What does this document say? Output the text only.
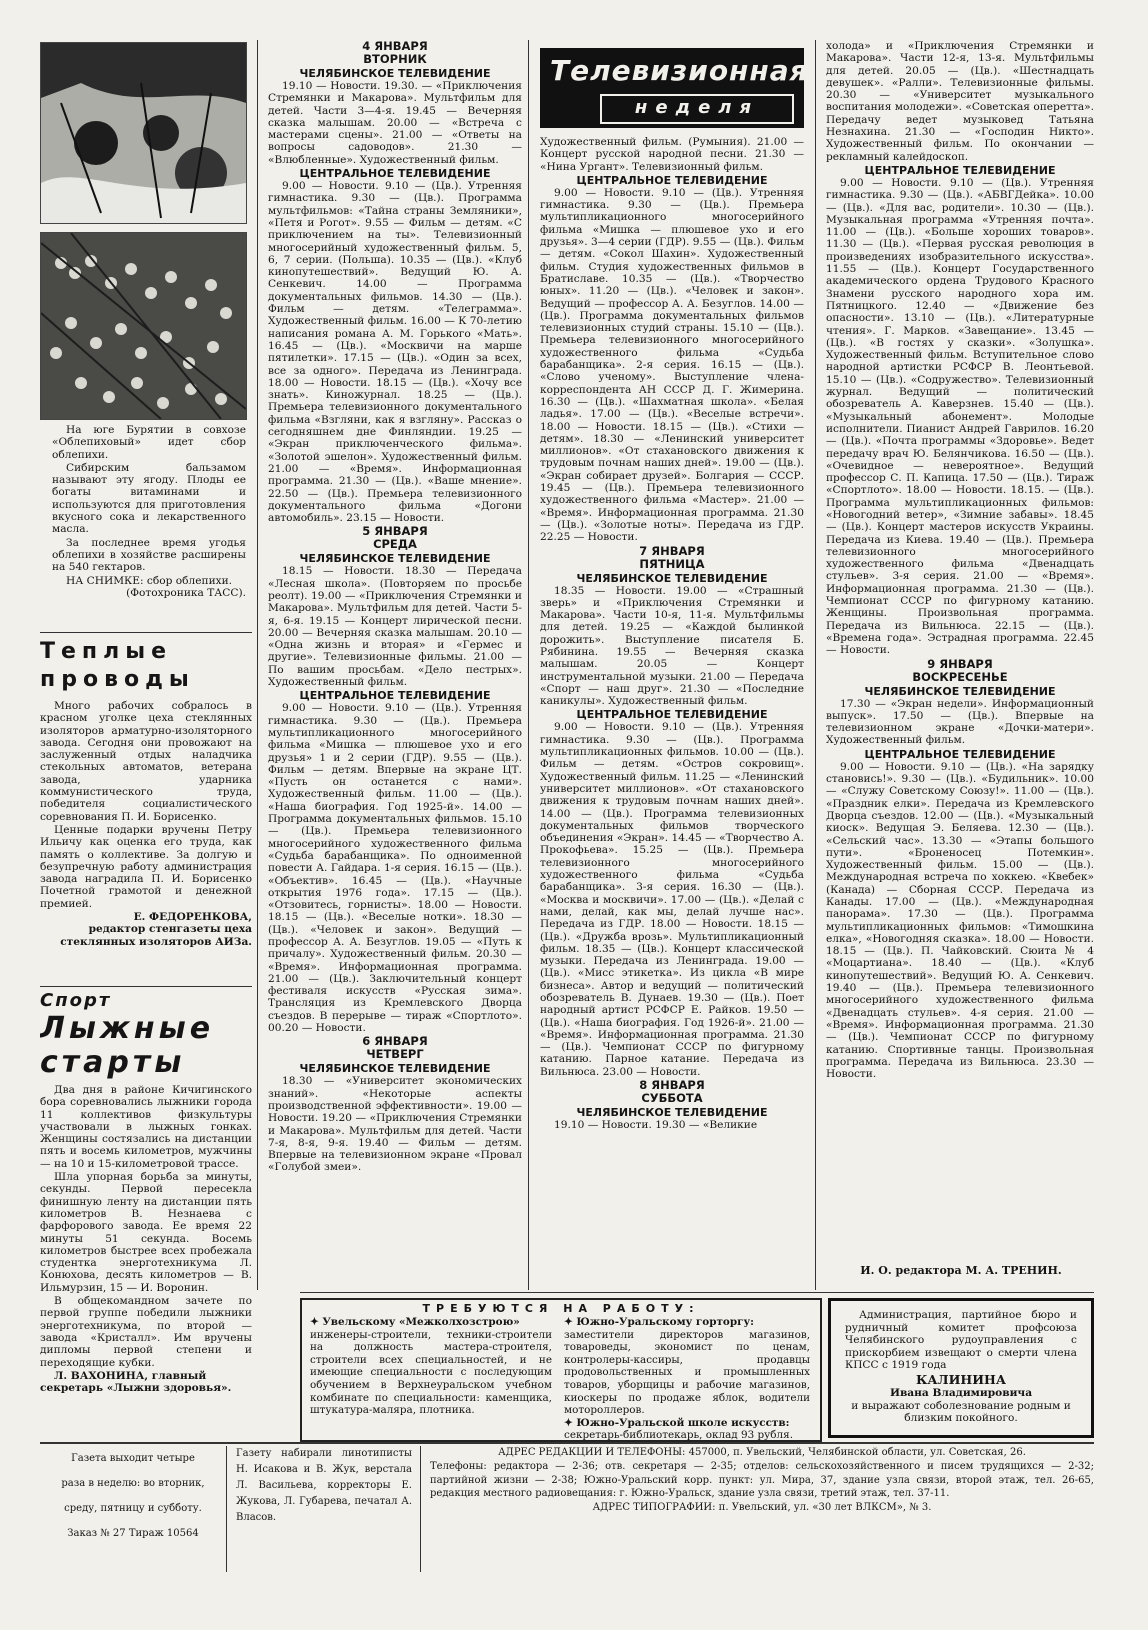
На юге Бурятии в совхозе «Облепиховый» идет сбор облепихи.

Сибирским бальзамом называют эту ягоду. Плоды ее богаты витаминами и используются для приготовления вкусного сока и лекарственного масла.

За последнее время угодья облепихи в хозяйстве расширены на 540 гектаров.

НА СНИМКЕ: сбор облепихи.
(Фотохроника ТАСС).
Теплые
проводы

Много рабочих собралось в красном уголке цеха стеклянных изоляторов арматурно-изоляторного завода. Сегодня они провожают на заслуженный отдых наладчика стекольных автоматов, ветерана завода, ударника коммунистического труда, победителя социалистического соревнования П. И. Борисенко.

Ценные подарки вручены Петру Ильичу как оценка его труда, как память о коллективе. За долгую и безупречную работу администрация завода наградила П. И. Борисенко Почетной грамотой и денежной премией.

Е. ФЕДОРЕНКОВА,
редактор стенгазеты цеха стеклянных изоляторов АИЗа.
Спорт
Лыжные
старты

Два дня в районе Кичигинского бора соревновались лыжники города 11 коллективов физкультуры участвовали в лыжных гонках. Женщины состязались на дистанции пять и восемь километров, мужчины — на 10 и 15-километровой трассе.

Шла упорная борьба за минуты, секунды. Первой пересекла финишную ленту на дистанции пять километров В. Незнаева с фарфорового завода. Ее время 22 минуты 51 секунда. Восемь километров быстрее всех пробежала студентка энерготехникума Л. Конюхова, десять километров — В. Ильмурзин, 15 — И. Воронин.

В общекомандном зачете по первой группе победили лыжники энерготехникума, по второй — завода «Кристалл». Им вручены дипломы первой степени и переходящие кубки.

Л. ВАХОНИНА, главный секретарь «Лыжни здоровья».
4 ЯНВАРЯ
ВТОРНИК
ЧЕЛЯБИНСКОЕ ТЕЛЕВИДЕНИЕ

19.10 — Новости. 19.30. — «Приключения Стремянки и Макарова». Мультфильм для детей. Части 3—4-я. 19.45 — Вечерняя сказка малышам. 20.00 — «Встреча с мастерами сцены». 21.00 — «Ответы на вопросы садоводов». 21.30 — «Влюбленные». Художественный фильм.

ЦЕНТРАЛЬНОЕ ТЕЛЕВИДЕНИЕ

9.00 — Новости. 9.10 — (Цв.). Утренняя гимнастика. 9.30 — (Цв.). Программа мультфильмов: «Тайна страны Земляники», «Петя и Рогот». 9.55 — Фильм — детям. «С приключением на ты». Телевизионный многосерийный художественный фильм. 5, 6, 7 серии. (Польша). 10.35 — (Цв.). «Клуб кинопутешествий». Ведущий Ю. А. Сенкевич. 14.00 — Программа документальных фильмов. 14.30 — (Цв.). Фильм — детям. «Телеграмма». Художественный фильм. 16.00 — К 70-летию написания романа А. М. Горького «Мать». 16.45 — (Цв.). «Москвичи на марше пятилетки». 17.15 — (Цв.). «Один за всех, все за одного». Передача из Ленинграда. 18.00 — Новости. 18.15 — (Цв.). «Хочу все знать». Киножурнал. 18.25 — (Цв.). Премьера телевизионного документального фильма «Взгляни, как я взгляну». Рассказ о сегодняшнем дне Финляндии. 19.25 — «Экран приключенческого фильма». «Золотой эшелон». Художественный фильм. 21.00 — «Время». Информационная программа. 21.30 — (Цв.). «Ваше мнение». 22.50 — (Цв.). Премьера телевизионного документального фильма «Догони автомобиль». 23.15 — Новости.

5 ЯНВАРЯ
СРЕДА
ЧЕЛЯБИНСКОЕ ТЕЛЕВИДЕНИЕ

18.15 — Новости. 18.30 — Передача «Лесная школа». (Повторяем по просьбе реолт). 19.00 — «Приключения Стремянки и Макарова». Мультфильм для детей. Части 5-я, 6-я. 19.15 — Концерт лирической песни. 20.00 — Вечерняя сказка малышам. 20.10 — «Одна жизнь и вторая» и «Гермес и другие». Телевизионные фильмы. 21.00 — По вашим просьбам. «Дело пестрых». Художественный фильм.

ЦЕНТРАЛЬНОЕ ТЕЛЕВИДЕНИЕ

9.00 — Новости. 9.10 — (Цв.). Утренняя гимнастика. 9.30 — (Цв.). Премьера мультипликационного многосерийного фильма «Мишка — плюшевое ухо и его друзья» 1 и 2 серии (ГДР). 9.55 — (Цв.). Фильм — детям. Впервые на экране ЦТ. «Пусть он останется с нами». Художественный фильм. 11.00 — (Цв.). «Наша биография. Год 1925-й». 14.00 — Программа документальных фильмов. 15.10 — (Цв.). Премьера телевизионного многосерийного художественного фильма «Судьба барабанщика». По одноименной повести А. Гайдара. 1-я серия. 16.15 — (Цв.). «Объектив». 16.45 — (Цв.). «Научные открытия 1976 года». 17.15 — (Цв.). «Отзовитесь, горнисты». 18.00 — Новости. 18.15 — (Цв.). «Веселые нотки». 18.30 — (Цв.). «Человек и закон». Ведущий — профессор А. А. Безуглов. 19.05 — «Путь к причалу». Художественный фильм. 20.30 — «Время». Информационная программа. 21.00 — (Цв.). Заключительный концерт фестиваля искусств «Русская зима». Трансляция из Кремлевского Дворца съездов. В перерыве — тираж «Спортлото». 00.20 — Новости.

6 ЯНВАРЯ
ЧЕТВЕРГ
ЧЕЛЯБИНСКОЕ ТЕЛЕВИДЕНИЕ

18.30 — «Университет экономических знаний». «Некоторые аспекты производственной эффективности». 19.00 — Новости. 19.20 — «Приключения Стремянки и Макарова». Мультфильм для детей. Части 7-я, 8-я, 9-я. 19.40 — Фильм — детям. Впервые на телевизионном экране «Провал «Голубой змеи».

Телевизионная
неделя

Художественный фильм. (Румыния). 21.00 — Концерт русской народной песни. 21.30 — «Нина Ургант». Телевизионный фильм.

ЦЕНТРАЛЬНОЕ ТЕЛЕВИДЕНИЕ

9.00 — Новости. 9.10 — (Цв.). Утренняя гимнастика. 9.30 — (Цв.). Премьера мультипликационного многосерийного фильма «Мишка — плюшевое ухо и его друзья». 3—4 серии (ГДР). 9.55 — (Цв.). Фильм — детям. «Сокол Шахин». Художественный фильм. Студия художественных фильмов в Братиславе. 10.35 — (Цв.). «Творчество юных». 11.20 — (Цв.). «Человек и закон». Ведущий — профессор А. А. Безуглов. 14.00 — (Цв.). Программа документальных фильмов телевизионных студий страны. 15.10 — (Цв.). Премьера телевизионного многосерийного художественного фильма «Судьба барабанщика». 2-я серия. 16.15 — (Цв.). «Слово ученому». Выступление члена-корреспондента АН СССР Д. Г. Жимерина. 16.30 — (Цв.). «Шахматная школа». «Белая ладья». 17.00 — (Цв.). «Веселые встречи». 18.00 — Новости. 18.15 — (Цв.). «Стихи — детям». 18.30 — «Ленинский университет миллионов». «От стахановского движения к трудовым почнам наших дней». 19.00 — (Цв.). «Экран собирает друзей». Болгария — СССР. 19.45 — (Цв.). Премьера телевизионного художественного фильма «Мастер». 21.00 — «Время». Информационная программа. 21.30 — (Цв.). «Золотые ноты». Передача из ГДР. 22.25 — Новости.

7 ЯНВАРЯ
ПЯТНИЦА
ЧЕЛЯБИНСКОЕ ТЕЛЕВИДЕНИЕ

18.35 — Новости. 19.00 — «Страшный зверь» и «Приключения Стремянки и Макарова». Части 10-я, 11-я. Мультфильмы для детей. 19.25 — «Каждой былинкой дорожить». Выступление писателя Б. Рябинина. 19.55 — Вечерняя сказка малышам. 20.05 — Концерт инструментальной музыки. 21.00 — Передача «Спорт — наш друг». 21.30 — «Последние каникулы». Художественный фильм.

ЦЕНТРАЛЬНОЕ ТЕЛЕВИДЕНИЕ

9.00 — Новости. 9.10 — (Цв.). Утренняя гимнастика. 9.30 — (Цв.). Программа мультипликационных фильмов. 10.00 — (Цв.). Фильм — детям. «Остров сокровищ». Художественный фильм. 11.25 — «Ленинский университет миллионов». «От стахановского движения к трудовым почнам наших дней». 14.00 — (Цв.). Программа телевизионных документальных фильмов творческого объединения «Экран». 14.45 — «Творчество А. Прокофьева». 15.25 — (Цв.). Премьера телевизионного многосерийного художественного фильма «Судьба барабанщика». 3-я серия. 16.30 — (Цв.). «Москва и москвичи». 17.00 — (Цв.). «Делай с нами, делай, как мы, делай лучше нас». Передача из ГДР. 18.00 — Новости. 18.15 — (Цв.). «Дружба врозь». Мультипликационный фильм. 18.35 — (Цв.). Концерт классической музыки. Передача из Ленинграда. 19.00 — (Цв.). «Мисс этикетка». Из цикла «В мире бизнеса». Автор и ведущий — политический обозреватель В. Дунаев. 19.30 — (Цв.). Поет народный артист РСФСР Е. Райков. 19.50 — (Цв.). «Наша биография. Год 1926-й». 21.00 — «Время». Информационная программа. 21.30 — (Цв.). Чемпионат СССР по фигурному катанию. Парное катание. Передача из Вильнюса. 23.00 — Новости.

8 ЯНВАРЯ
СУББОТА
ЧЕЛЯБИНСКОЕ ТЕЛЕВИДЕНИЕ

19.10 — Новости. 19.30 — «Великие

холода» и «Приключения Стремянки и Макарова». Части 12-я, 13-я. Мультфильмы для детей. 20.05 — (Цв.). «Шестнадцать девушек». «Ралли». Телевизионные фильмы. 20.30 — «Университет музыкального воспитания молодежи». «Советская оперетта». Передачу ведет музыковед Татьяна Незнахина. 21.30 — «Господин Никто». Художественный фильм. По окончании — рекламный калейдоскоп.

ЦЕНТРАЛЬНОЕ ТЕЛЕВИДЕНИЕ

9.00 — Новости. 9.10 — (Цв.). Утренняя гимнастика. 9.30 — (Цв.). «АБВГДейка». 10.00 — (Цв.). «Для вас, родители». 10.30 — (Цв.). Музыкальная программа «Утренняя почта». 11.00 — (Цв.). «Больше хороших товаров». 11.30 — (Цв.). «Первая русская революция в произведениях изобразительного искусства». 11.55 — (Цв.). Концерт Государственного академического ордена Трудового Красного Знамени русского народного хора им. Пятницкого. 12.40 — «Движение без опасности». 13.10 — (Цв.). «Литературные чтения». Г. Марков. «Завещание». 13.45 — (Цв.). «В гостях у сказки». «Золушка». Художественный фильм. Вступительное слово народной артистки РСФСР В. Леонтьевой. 15.10 — (Цв.). «Содружество». Телевизионный журнал. Ведущий — политический обозреватель А. Каверзнев. 15.40 — (Цв.). «Музыкальный абонемент». Молодые исполнители. Пианист Андрей Гаврилов. 16.20 — (Цв.). «Почта программы «Здоровье». Ведет передачу врач Ю. Белянчикова. 16.50 — (Цв.). «Очевидное — невероятное». Ведущий профессор С. П. Капица. 17.50 — (Цв.). Тираж «Спортлото». 18.00 — Новости. 18.15. — (Цв.). Программа мультипликационных фильмов: «Новогодний ветер», «Зимние забавы». 18.45 — (Цв.). Концерт мастеров искусств Украины. Передача из Киева. 19.40 — (Цв.). Премьера телевизионного многосерийного художественного фильма «Двенадцать стульев». 3-я серия. 21.00 — «Время». Информационная программа. 21.30 — (Цв.). Чемпионат СССР по фигурному катанию. Женщины. Произвольная программа. Передача из Вильнюса. 22.15 — (Цв.). «Времена года». Эстрадная программа. 22.45 — Новости.

9 ЯНВАРЯ
ВОСКРЕСЕНЬЕ
ЧЕЛЯБИНСКОЕ ТЕЛЕВИДЕНИЕ

17.30 — «Экран недели». Информационный выпуск». 17.50 — (Цв.). Впервые на телевизионном экране «Дочки-матери». Художественный фильм.

ЦЕНТРАЛЬНОЕ ТЕЛЕВИДЕНИЕ

9.00 — Новости. 9.10 — (Цв.). «На зарядку становись!». 9.30 — (Цв.). «Будильник». 10.00 — «Служу Советскому Союзу!». 11.00 — (Цв.). «Праздник елки». Передача из Кремлевского Дворца съездов. 12.00 — (Цв.). «Музыкальный киоск». Ведущая Э. Беляева. 12.30 — (Цв.). «Сельский час». 13.30 — «Этапы большого пути». «Броненосец Потемкин». Художественный фильм. 15.00 — (Цв.). Международная встреча по хоккею. «Квебек» (Канада) — Сборная СССР. Передача из Канады. 17.00 — (Цв.). «Международная панорама». 17.30 — (Цв.). Программа мультипликационных фильмов: «Тимошкина елка», «Новогодняя сказка». 18.00 — Новости. 18.15 — (Цв.). П. Чайковский. Сюита № 4 «Моцартиана». 18.40 — (Цв.). «Клуб кинопутешествий». Ведущий Ю. А. Сенкевич. 19.40 — (Цв.). Премьера телевизионного многосерийного художественного фильма «Двенадцать стульев». 4-я серия. 21.00 — «Время». Информационная программа. 21.30 — (Цв.). Чемпионат СССР по фигурному катанию. Спортивные танцы. Произвольная программа. Передача из Вильнюса. 23.30 — Новости.

И. О. редактора М. А. ТРЕНИН.
ТРЕБУЮТСЯ НА РАБОТУ:
✦ Увельскому «Межколхозстрою»
инженеры-строители, техники-строители на должность мастера-строителя, строители всех специальностей, и не имеющие специальности с последующим обучением в Верхнеуральском учебном комбинате по специальности: каменщика, штукатура-маляра, плотника.
✦ Южно-Уральскому горторгу:
заместители директоров магазинов, товароведы, экономист по ценам, контролеры-кассиры, продавцы продовольственных и промышленных товаров, уборщицы и рабочие магазинов, киоскеры по продаже яблок, водители мотороллеров.
✦ Южно-Уральской школе искусств:
секретарь-библиотекарь, оклад 93 рубля.
Администрация, партийное бюро и рудничный комитет профсоюза Челябинского рудоуправления с прискорбием извещают о смерти члена КПСС с 1919 года
КАЛИНИНА
Ивана Владимировича
и выражают соболезнование родным и близким покойного.
Газета выходит четыре
раза в неделю: во вторник,
среду, пятницу и субботу.
Заказ № 27 Тираж 10564
Газету набирали линотиписты Н. Исакова и В. Жук, верстала Л. Васильева, корректоры Е. Жукова, Л. Губарева, печатал А. Власов.
АДРЕС РЕДАКЦИИ И ТЕЛЕФОНЫ: 457000, п. Увельский, Челябинской области, ул. Советская, 26.
Телефоны: редактора — 2-36; отв. секретаря — 2-35; отделов: сельскохозяйственного и писем трудящихся — 2-32; партийной жизни — 2-38; Южно-Уральский корр. пункт: ул. Мира, 37, здание узла связи, второй этаж, тел. 26-65, редакция местного радиовещания: г. Южно-Уральск, здание узла связи, третий этаж, тел. 37-11.
АДРЕС ТИПОГРАФИИ: п. Увельский, ул. «30 лет ВЛКСМ», № 3.
